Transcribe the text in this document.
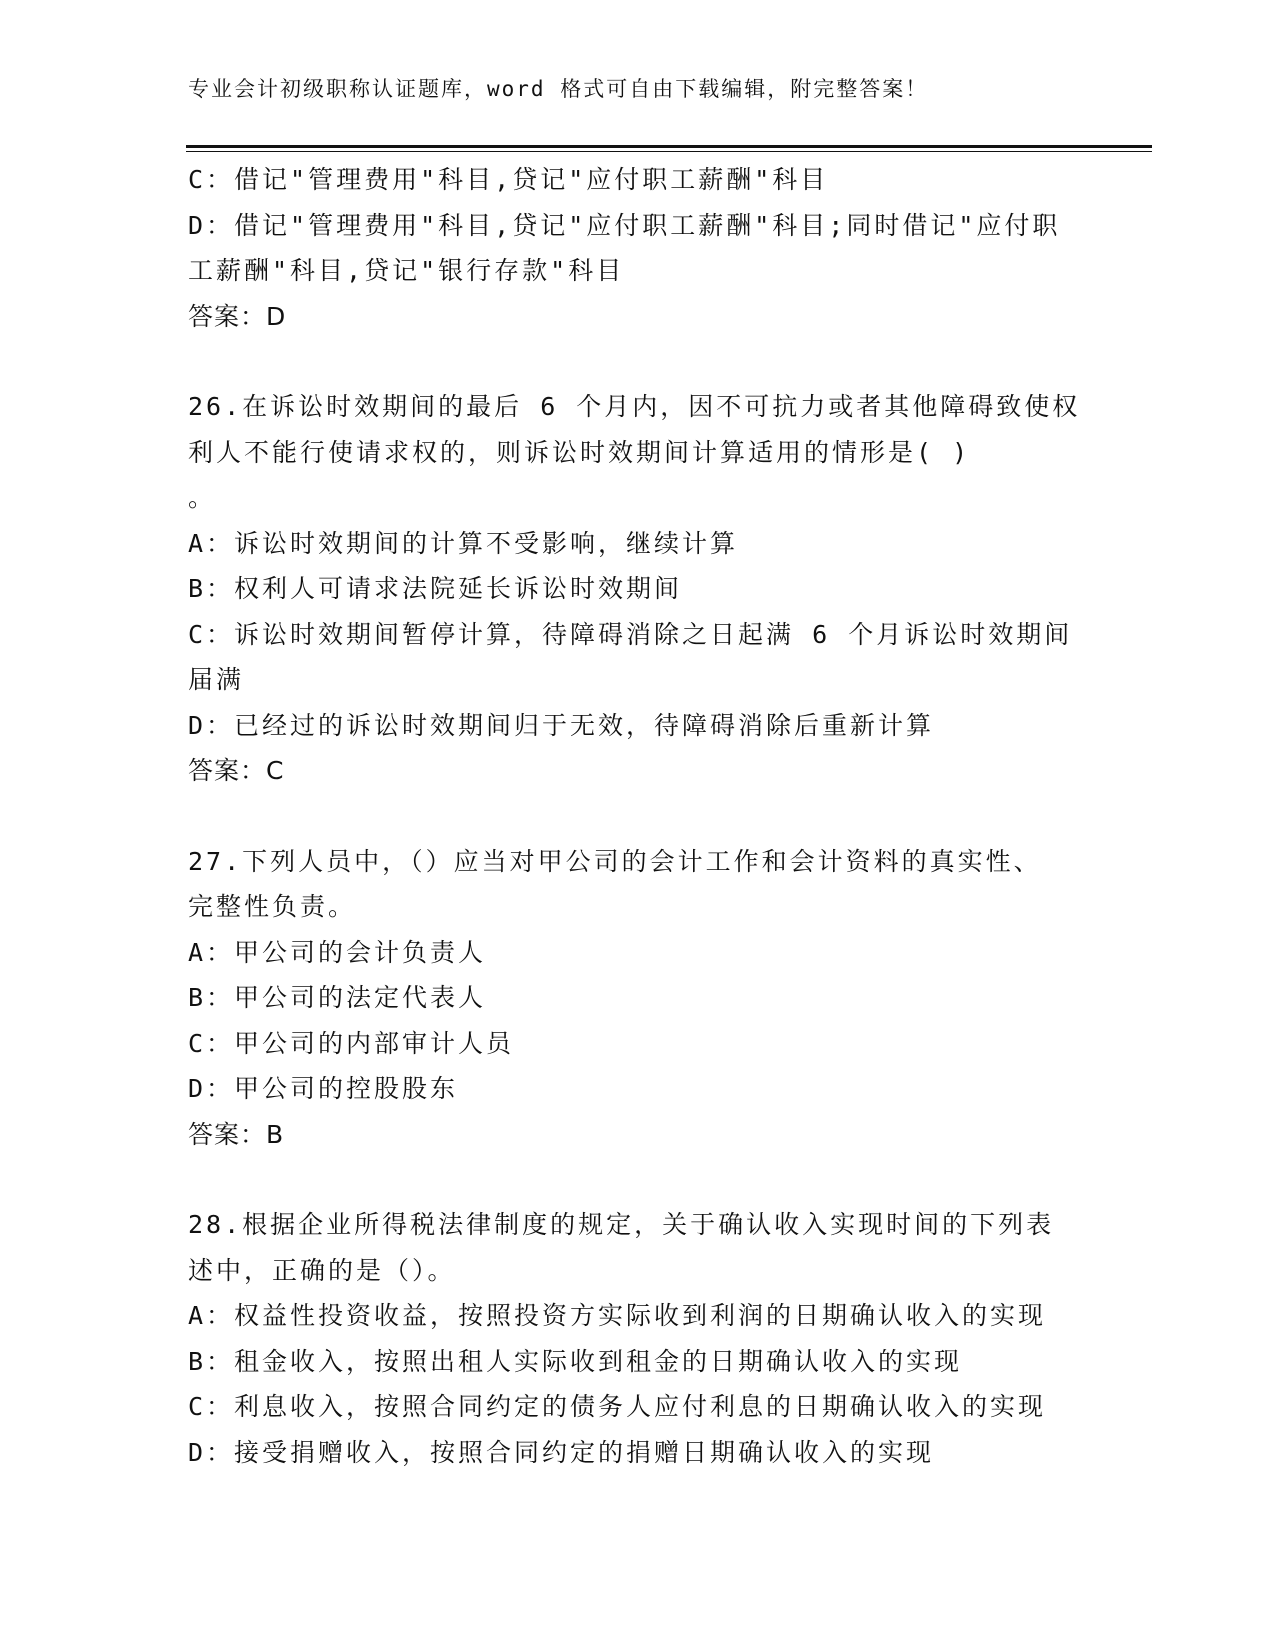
专业会计初级职称认证题库，word 格式可自由下载编辑，附完整答案！
C：借记"管理费用"科目,贷记"应付职工薪酬"科目
D：借记"管理费用"科目,贷记"应付职工薪酬"科目;同时借记"应付职
工薪酬"科目,贷记"银行存款"科目
答案：D
26.在诉讼时效期间的最后 6 个月内，因不可抗力或者其他障碍致使权
利人不能行使请求权的，则诉讼时效期间计算适用的情形是( )
。
A：诉讼时效期间的计算不受影响，继续计算
B：权利人可请求法院延长诉讼时效期间
C：诉讼时效期间暂停计算，待障碍消除之日起满 6 个月诉讼时效期间
届满
D：已经过的诉讼时效期间归于无效，待障碍消除后重新计算
答案：C
27.下列人员中，（）应当对甲公司的会计工作和会计资料的真实性、
完整性负责。
A：甲公司的会计负责人
B：甲公司的法定代表人
C：甲公司的内部审计人员
D：甲公司的控股股东
答案：B
28.根据企业所得税法律制度的规定，关于确认收入实现时间的下列表
述中，正确的是（）。
A：权益性投资收益，按照投资方实际收到利润的日期确认收入的实现
B：租金收入，按照出租人实际收到租金的日期确认收入的实现
C：利息收入，按照合同约定的债务人应付利息的日期确认收入的实现
D：接受捐赠收入，按照合同约定的捐赠日期确认收入的实现
